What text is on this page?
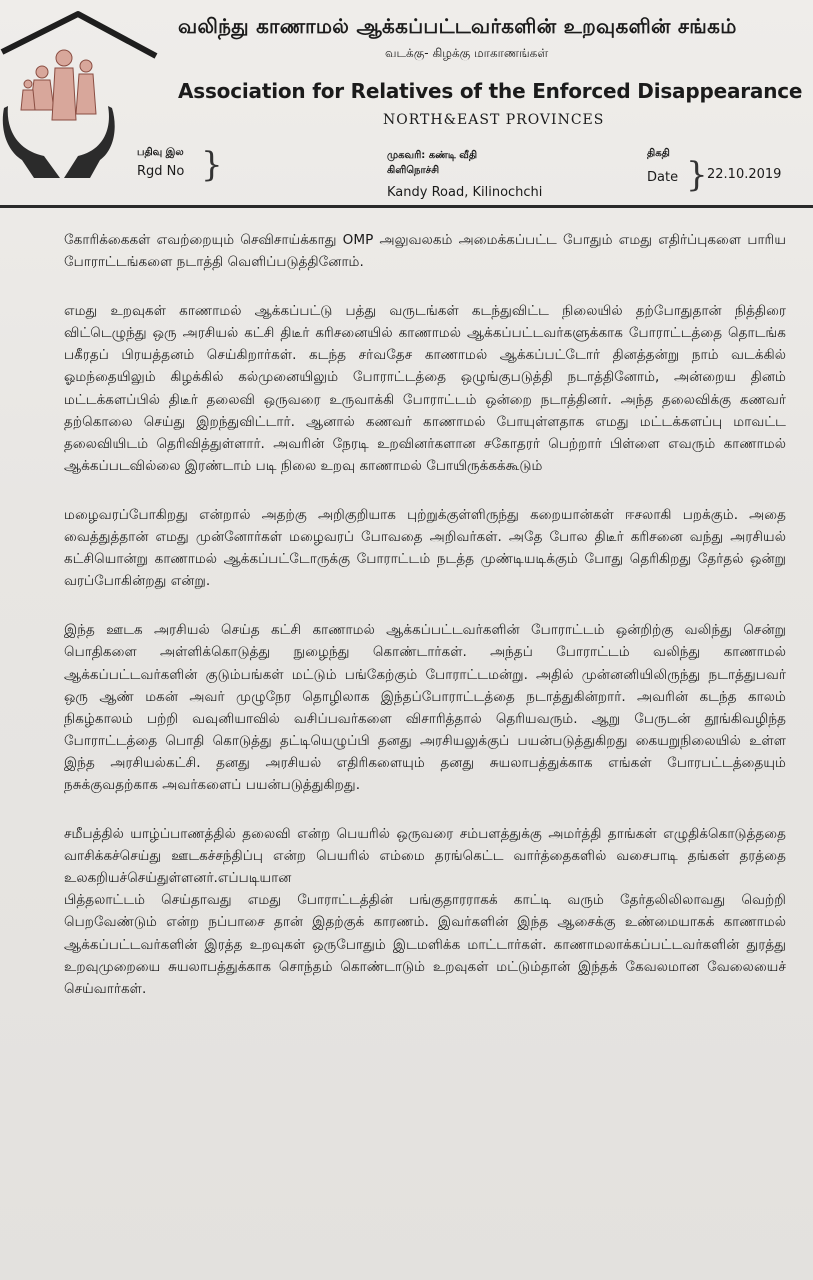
வலிந்து காணாமல் ஆக்கப்பட்டவர்களின் உறவுகளின் சங்கம்
வடக்கு- கிழக்கு மாகாணங்கள்
Association for Relatives of the Enforced Disappearance
NORTH&EAST PROVINCES
பதிவு இல
Rgd No }	முகவரி: கண்டி வீதி
கிளிநொச்சி
Kandy Road, Kilinochchi
திகதி
Date } 22.10.2019

கோரிக்கைகள் எவற்றையும் செவிசாய்க்காது OMP அலுவலகம் அமைக்கப்பட்ட போதும் எமது எதிர்ப்புகளை பாரிய போராட்டங்களை நடாத்தி வெளிப்படுத்தினோம்.

எமது உறவுகள் காணாமல் ஆக்கப்பட்டு பத்து வருடங்கள் கடந்துவிட்ட நிலையில் தற்போதுதான் நித்திரை விட்டெழுந்து ஒரு அரசியல் கட்சி திடீர் கரிசனையில் காணாமல் ஆக்கப்பட்டவர்களுக்காக போராட்டத்தை தொடங்க பகீரதப் பிரயத்தனம் செய்கிறார்கள். கடந்த சர்வதேச காணாமல் ஆக்கப்பட்டோர் தினத்தன்று நாம் வடக்கில் ஓமந்தையிலும் கிழக்கில் கல்முனையிலும் போராட்டத்தை ஒழுங்குபடுத்தி நடாத்தினோம், அன்றைய தினம் மட்டக்களப்பில் திடீர் தலைவி ஒருவரை உருவாக்கி போராட்டம் ஒன்றை நடாத்தினர். அந்த தலைவிக்கு கணவர் தற்கொலை செய்து இறந்துவிட்டார். ஆனால் கணவர் காணாமல் போயுள்ளதாக எமது மட்டக்களப்பு மாவட்ட தலைவியிடம் தெரிவித்துள்ளார். அவரின் நேரடி உறவினர்களான சகோதரர் பெற்றார் பிள்ளை எவரும் காணாமல் ஆக்கப்படவில்லை இரண்டாம் படி நிலை உறவு காணாமல் போயிருக்கக்கூடும்

மழைவரப்போகிறது என்றால் அதற்கு அறிகுறியாக புற்றுக்குள்ளிருந்து கறையான்கள் ஈசலாகி பறக்கும். அதை வைத்துத்தான் எமது முன்னோர்கள் மழைவரப் போவதை அறிவர்கள். அதே போல திடீர் கரிசனை வந்து அரசியல் கட்சியொன்று காணாமல் ஆக்கப்பட்டோருக்கு போராட்டம் நடத்த முண்டியடிக்கும் போது தெரிகிறது தேர்தல் ஒன்று வரப்போகின்றது என்று.

இந்த ஊடக அரசியல் செய்த கட்சி காணாமல் ஆக்கப்பட்டவர்களின் போராட்டம் ஒன்றிற்கு வலிந்து சென்று பொதிகளை அள்ளிக்கொடுத்து நுழைந்து கொண்டார்கள். அந்தப் போராட்டம் வலிந்து காணாமல் ஆக்கப்பட்டவர்களின் குடும்பங்கள் மட்டும் பங்கேற்கும் போராட்டமன்று. அதில் முன்னனியிலிருந்து நடாத்துபவர் ஒரு ஆண் மகன் அவர் முழுநேர தொழிலாக இந்தப்போராட்டத்தை நடாத்துகின்றார். அவரின் கடந்த காலம் நிகழ்காலம் பற்றி வவுனியாவில் வசிப்பவர்களை விசாரித்தால் தெரியவரும். ஆறு பேருடன் தூங்கிவழிந்த போராட்டத்தை பொதி கொடுத்து தட்டியெழுப்பி தனது அரசியலுக்குப் பயன்படுத்துகிறது கையறுநிலையில் உள்ள இந்த அரசியல்கட்சி. தனது அரசியல் எதிரிகளையும் தனது சுயலாபத்துக்காக எங்கள் போரபட்டத்தையும் நசுக்குவதற்காக அவர்களைப் பயன்படுத்துகிறது.

சமீபத்தில் யாழ்ப்பாணத்தில் தலைவி என்ற பெயரில் ஒருவரை சம்பளத்துக்கு அமர்த்தி தாங்கள் எழுதிக்கொடுத்ததை வாசிக்கச்செய்து ஊடகச்சந்திப்பு என்ற பெயரில் எம்மை தரங்கெட்ட வார்த்தைகளில் வசைபாடி தங்கள் தரத்தை உலகறியச்செய்துள்ளனர்.எப்படியான

பித்தலாட்டம் செய்தாவது எமது போராட்டத்தின் பங்குதாரராகக் காட்டி வரும் தேர்தலிலிலாவது வெற்றி பெறவேண்டும் என்ற நப்பாசை தான் இதற்குக் காரணம். இவர்களின் இந்த ஆசைக்கு உண்மையாகக் காணாமல் ஆக்கப்பட்டவர்களின் இரத்த உறவுகள் ஒருபோதும் இடமளிக்க மாட்டார்கள். காணாமலாக்கப்பட்டவர்களின் துரத்து உறவுமுறையை சுயலாபத்துக்காக சொந்தம் கொண்டாடும் உறவுகள் மட்டும்தான் இந்தக் கேவலமான வேலையைச் செய்வார்கள்.
